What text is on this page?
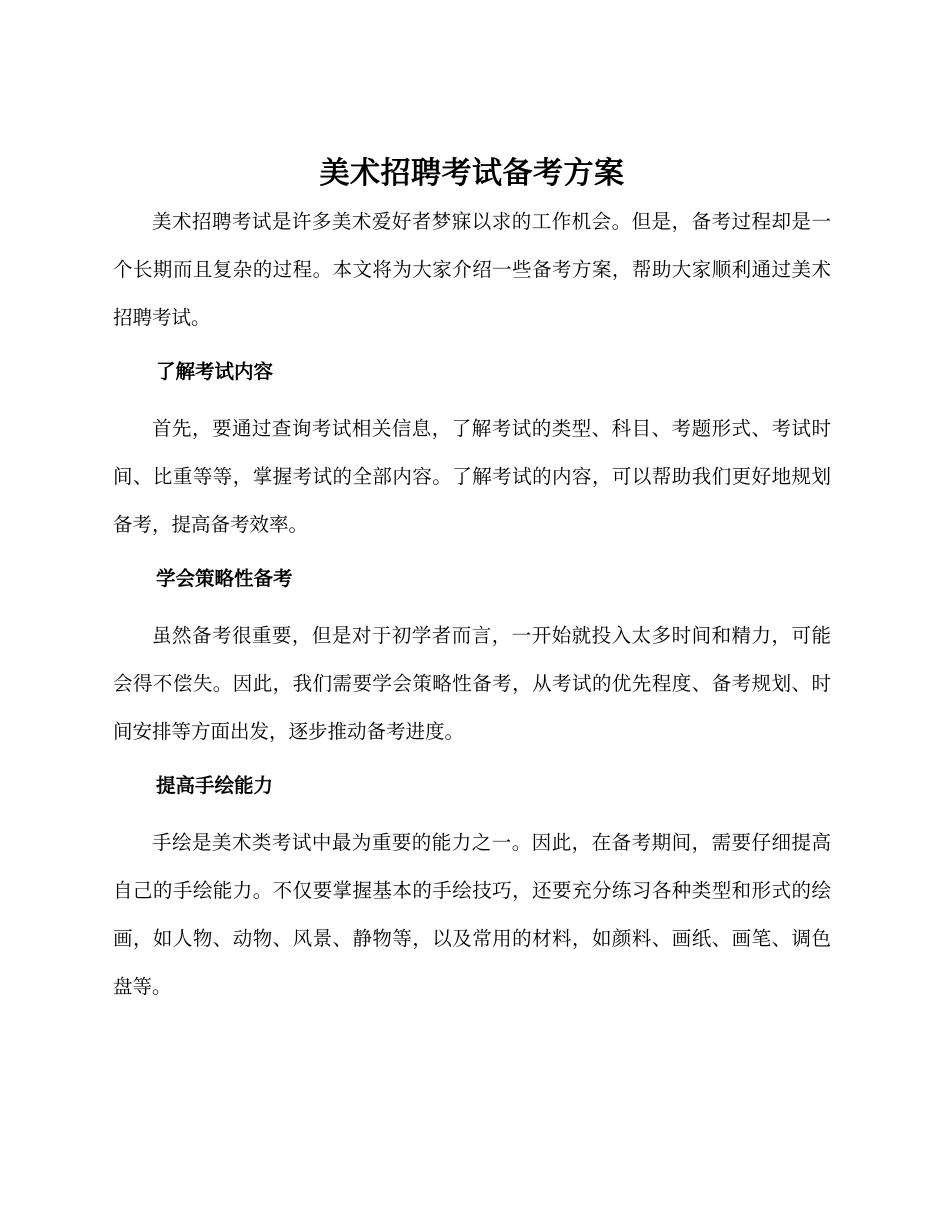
美术招聘考试备考方案

美术招聘考试是许多美术爱好者梦寐以求的工作机会。但是，备考过程却是一个长期而且复杂的过程。本文将为大家介绍一些备考方案，帮助大家顺利通过美术招聘考试。

了解考试内容

首先，要通过查询考试相关信息，了解考试的类型、科目、考题形式、考试时间、比重等等，掌握考试的全部内容。了解考试的内容，可以帮助我们更好地规划备考，提高备考效率。

学会策略性备考

虽然备考很重要，但是对于初学者而言，一开始就投入太多时间和精力，可能会得不偿失。因此，我们需要学会策略性备考，从考试的优先程度、备考规划、时间安排等方面出发，逐步推动备考进度。

提高手绘能力

手绘是美术类考试中最为重要的能力之一。因此，在备考期间，需要仔细提高自己的手绘能力。不仅要掌握基本的手绘技巧，还要充分练习各种类型和形式的绘画，如人物、动物、风景、静物等，以及常用的材料，如颜料、画纸、画笔、调色盘等。
